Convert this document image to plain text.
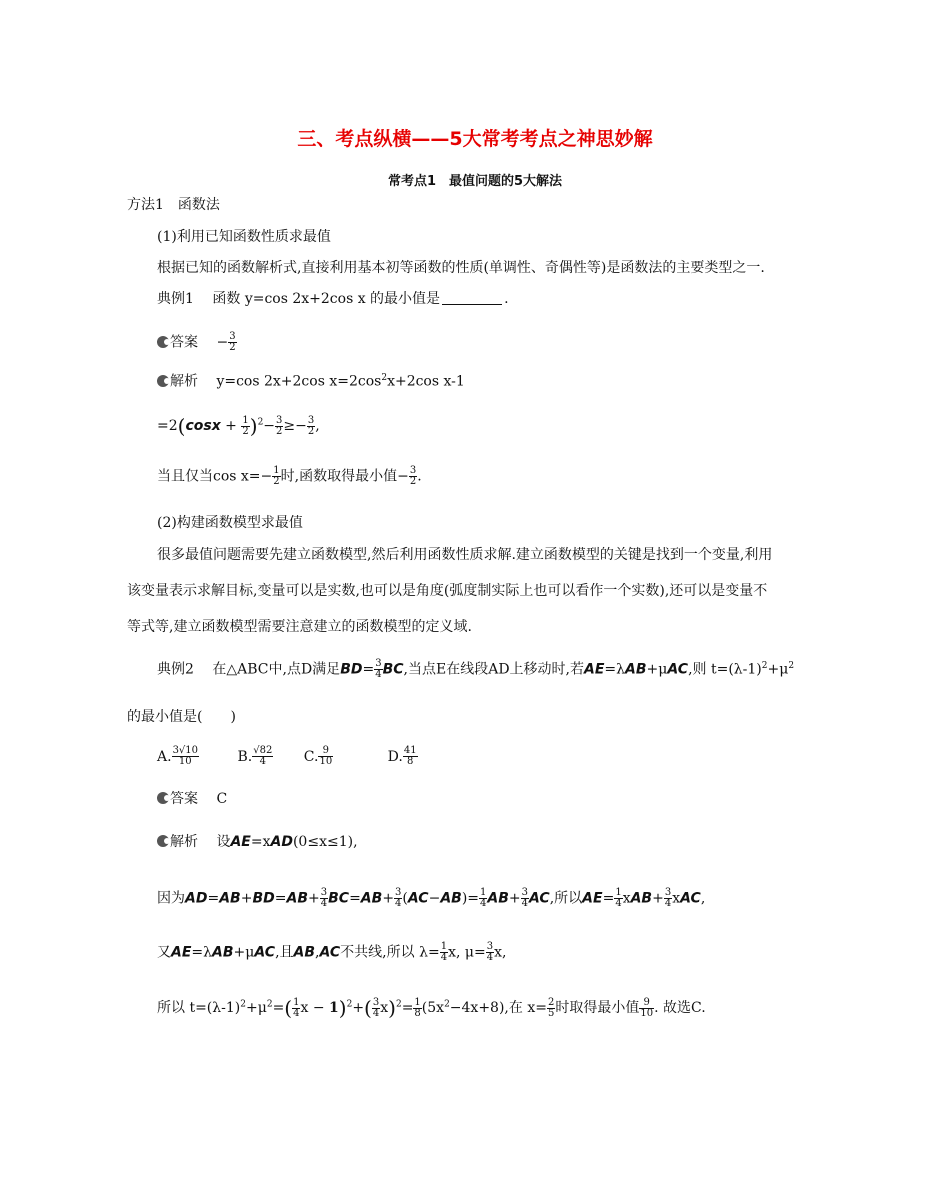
三、考点纵横——5大常考考点之神思妙解
常考点1　最值问题的5大解法
方法1　函数法
(1)利用已知函数性质求最值
根据已知的函数解析式,直接利用基本初等函数的性质(单调性、奇偶性等)是函数法的主要类型之一.
典例1　 函数 y=cos 2x+2cos x 的最小值是	.
答案　 − $\frac{3}{2}$
解析　 y=cos 2x+2cos $x=2\cos^2x+2\cos$ x-1
$=2(\cos x + \frac{1}{2} )^2- \frac{3}{2} \ge- \frac{3}{2}$ ,
当且仅当$\cos x=- \frac{1}{2}$ 时,函数取得最小值− $\frac{3}{2}$ .
(2)构建函数模型求最值
很多最值问题需要先建立函数模型,然后利用函数性质求解.建立函数模型的关键是找到一个变量,利用
该变量表示求解目标,变量可以是实数,也可以是角度(弧度制实际上也可以看作一个实数),还可以是变量不
等式等,建立函数模型需要注意建立的函数模型的定义域.
典例2　 在△ABC中,点D满足$BD= \frac{3}{4}$ BC,当点E在线段AD上移动时,若AE=λAB+μAC,则 $t=(\lambda-1)^2+\mu^2$
的最小值是(　　)
A. $\frac{3√10}{10}$	B. $\frac{√82}{4} C$. $\frac{9}{10}$	D. $\frac{41}{8}$
答案　 C
解析　 设AE=xAD(0≤x≤1),
因为$AD=AB+BD=AB+ \frac{3}{4} BC=AB+ \frac{3}{4} (AC-AB)= \frac{1}{4} AB+ \frac{3}{4}$ AC,所以$AE= \frac{1}{4} xAB+ \frac{3}{4}$ xAC,
又AE=λAB+μAC,且AB,AC不共线,所以 $\lambda= \frac{1}{4} x$, $\mu= \frac{3}{4} x$,
所以 $t=(\lambda-1)^2+\mu^2=( \frac{1}{4}$ $x - 1)^2+( \frac{3}{4} x)^2= \frac{1}{8} (5x^2-4x+8)$,在 $x= \frac{2}{5}$ 时取得最小值 $\frac{9}{10}$ . 故选C.
